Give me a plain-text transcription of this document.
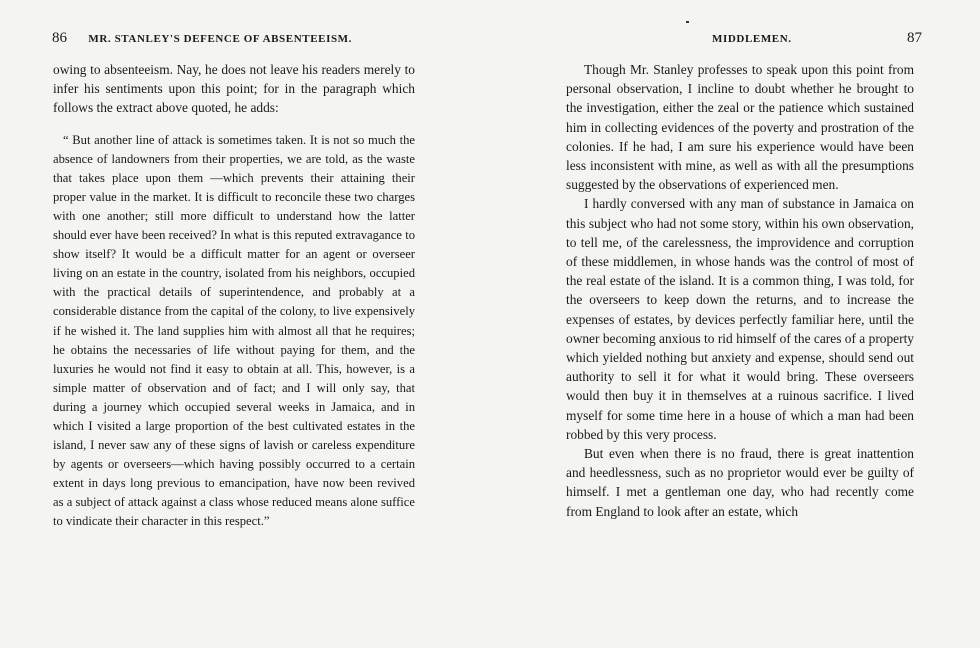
86 MR. STANLEY'S DEFENCE OF ABSENTEEISM.

owing to absenteeism. Nay, he does not leave his readers merely to infer his sentiments upon this point; for in the paragraph which follows the extract above quoted, he adds:

“ But another line of attack is sometimes taken. It is not so much the absence of landowners from their properties, we are told, as the waste that takes place upon them —which prevents their attaining their proper value in the market. It is difficult to reconcile these two charges with one another; still more difficult to understand how the latter should ever have been received? In what is this reputed extravagance to show itself? It would be a difficult matter for an agent or overseer living on an estate in the country, isolated from his neighbors, occupied with the practical details of superintendence, and probably at a considerable distance from the capital of the colony, to live expensively if he wished it. The land supplies him with almost all that he requires; he obtains the necessaries of life without paying for them, and the luxuries he would not find it easy to obtain at all. This, however, is a simple matter of observation and of fact; and I will only say, that during a journey which occupied several weeks in Jamaica, and in which I visited a large proportion of the best cultivated estates in the island, I never saw any of these signs of lavish or careless expenditure by agents or overseers—which having possibly occurred to a certain extent in days long previous to emancipation, have now been revived as a subject of attack against a class whose reduced means alone suffice to vindicate their character in this respect.”

MIDDLEMEN.	87

Though Mr. Stanley professes to speak upon this point from personal observation, I incline to doubt whether he brought to the investigation, either the zeal or the patience which sustained him in collecting evidences of the poverty and prostration of the colonies. If he had, I am sure his experience would have been less inconsistent with mine, as well as with all the presumptions suggested by the observations of experienced men.

I hardly conversed with any man of substance in Jamaica on this subject who had not some story, within his own observation, to tell me, of the carelessness, the improvidence and corruption of these middlemen, in whose hands was the control of most of the real estate of the island. It is a common thing, I was told, for the overseers to keep down the returns, and to increase the expenses of estates, by devices perfectly familiar here, until the owner becoming anxious to rid himself of the cares of a property which yielded nothing but anxiety and expense, should send out authority to sell it for what it would bring. These overseers would then buy it in themselves at a ruinous sacrifice. I lived myself for some time here in a house of which a man had been robbed by this very process.

But even when there is no fraud, there is great inattention and heedlessness, such as no proprietor would ever be guilty of himself. I met a gentleman one day, who had recently come from England to look after an estate, which
